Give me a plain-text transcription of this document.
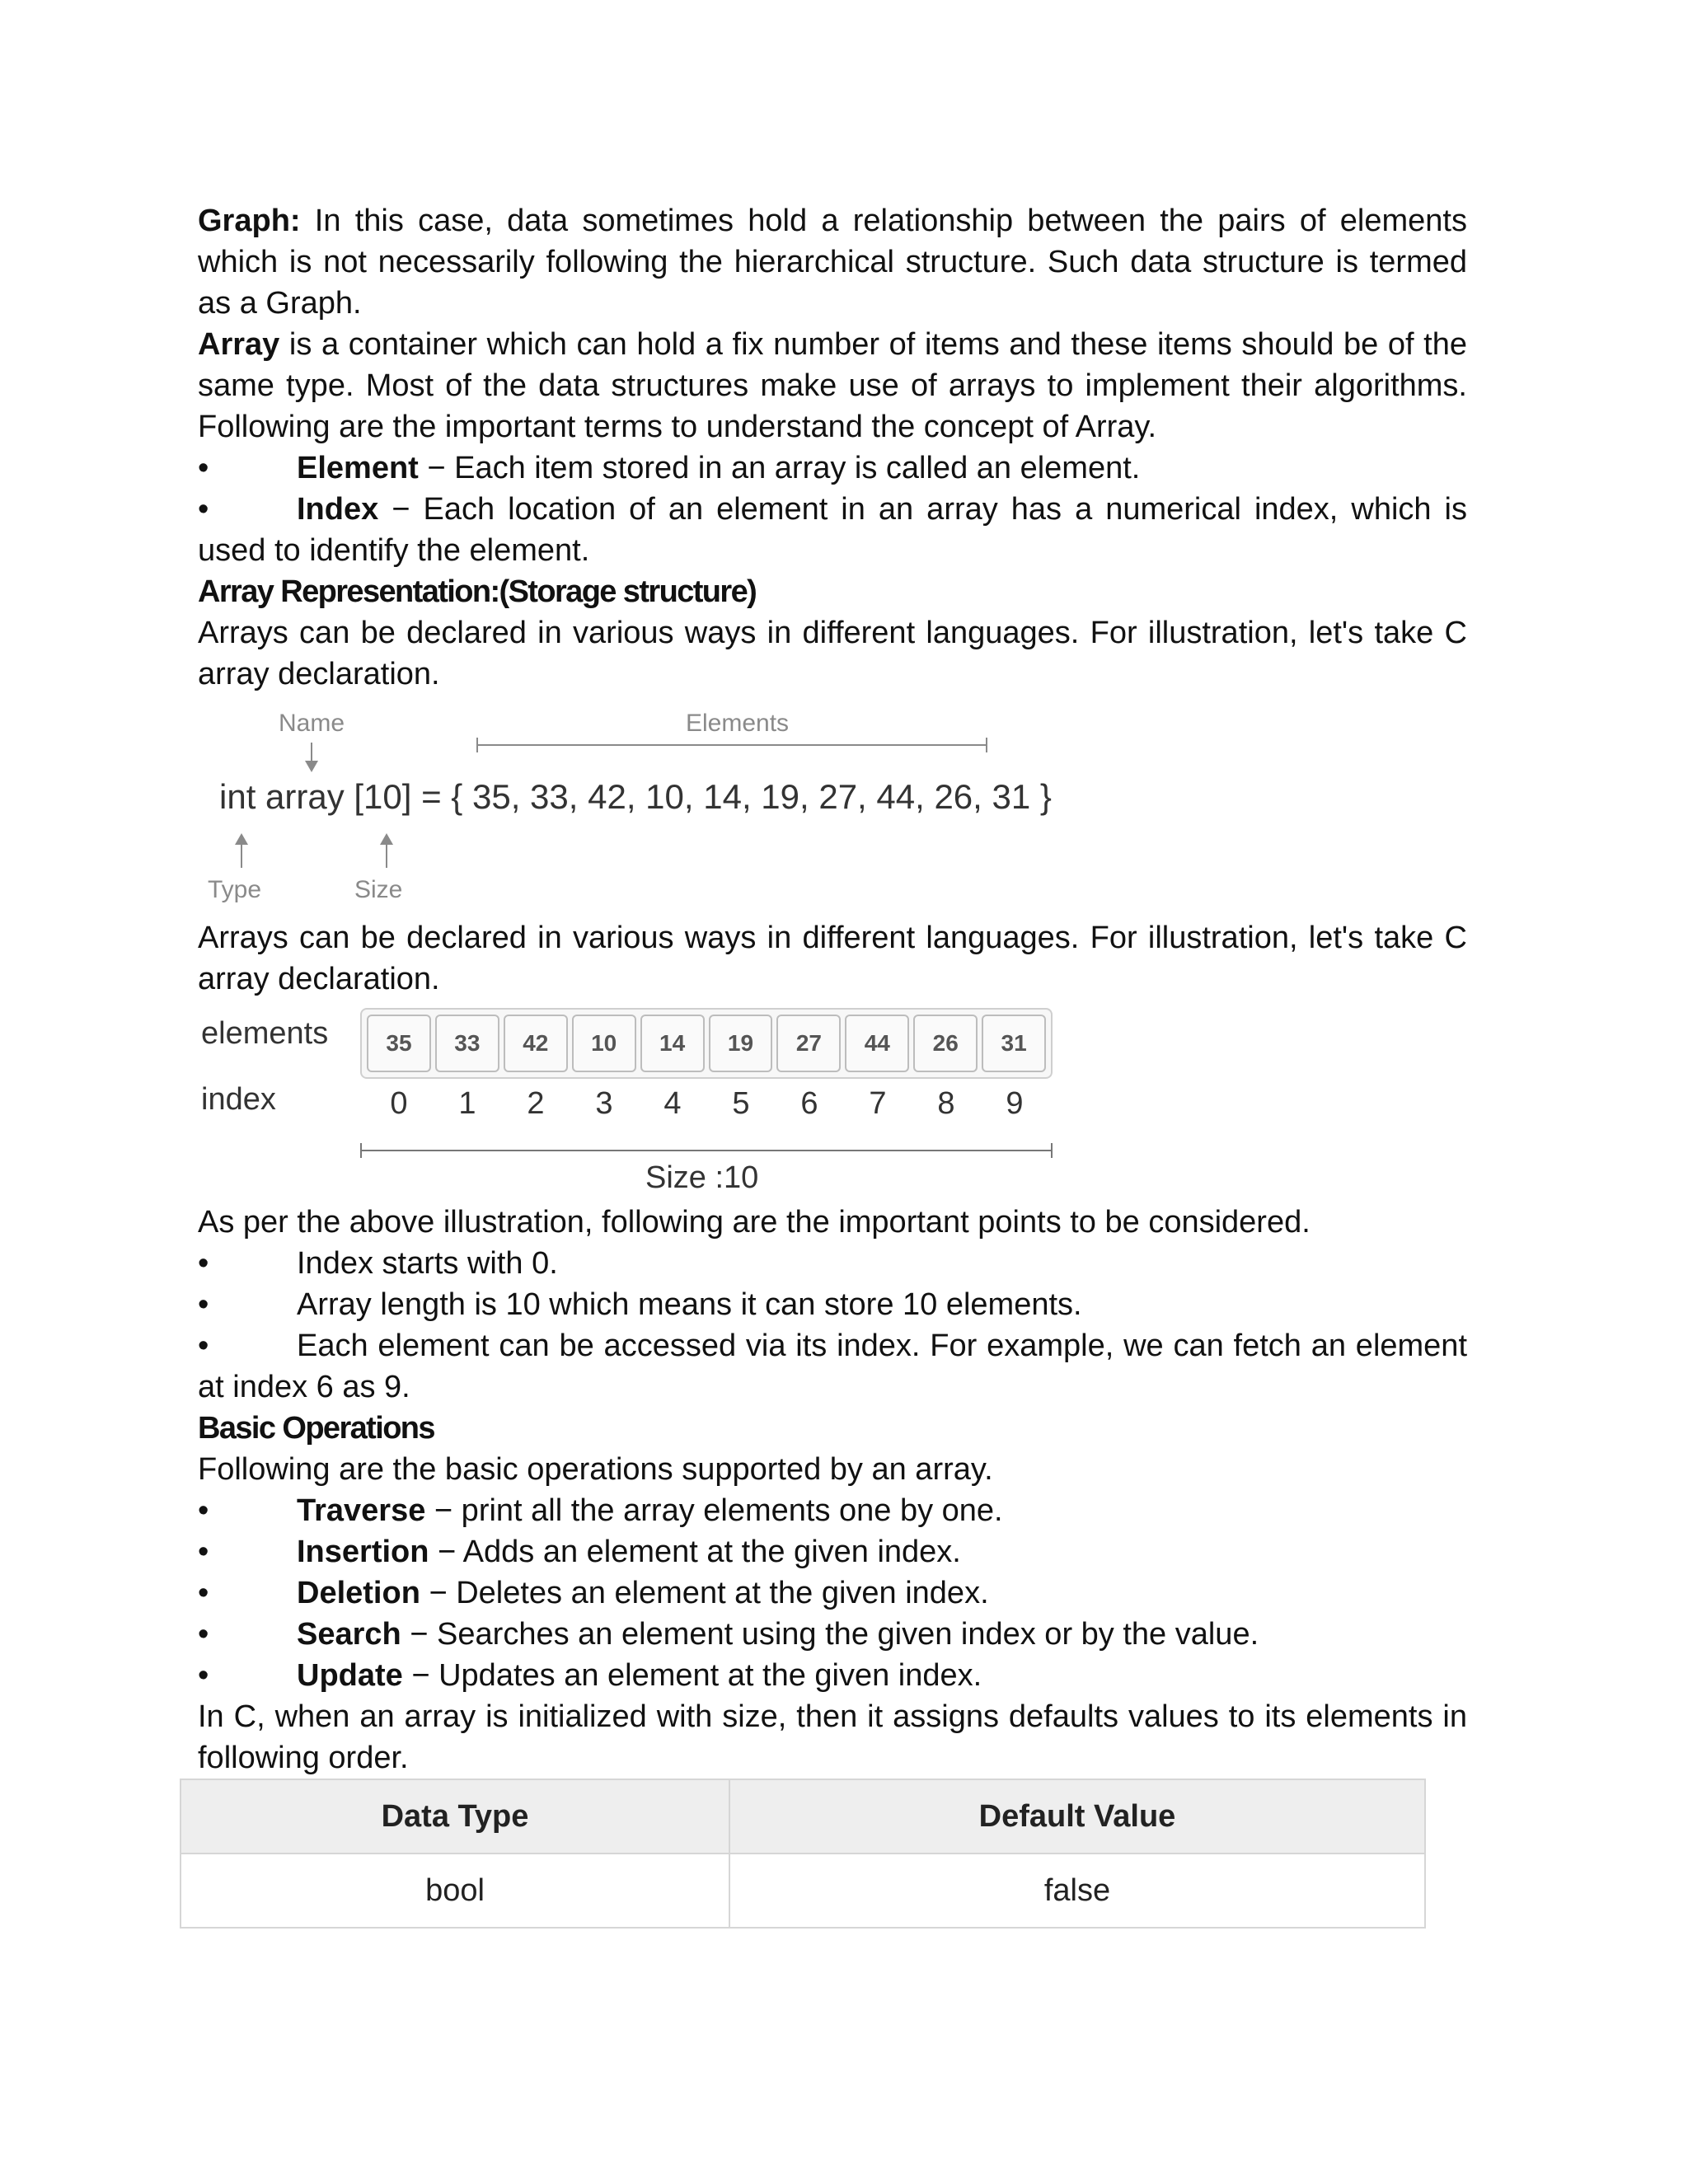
Graph: In this case, data sometimes hold a relationship between the pairs of elements which is not necessarily following the hierarchical structure. Such data structure is termed as a Graph.

Array is a container which can hold a fix number of items and these items should be of the same type. Most of the data structures make use of arrays to implement their algorithms. Following are the important terms to understand the concept of Array.

•	Element − Each item stored in an array is called an element.

•	Index − Each location of an element in an array has a numerical index, which is used to identify the element.

Array Representation:(Storage structure)

Arrays can be declared in various ways in different languages. For illustration, let's take C array declaration.

Name	Elements
int array [10] = { 35, 33, 42, 10, 14, 19, 27, 44, 26, 31 }
Type	Size

Arrays can be declared in various ways in different languages. For illustration, let's take C array declaration.

elements
index
35	33	42	10	14	19	27	44	26	31
0	1	2	3	4	5	6	7	8	9
Size :10

As per the above illustration, following are the important points to be considered.

•	Index starts with 0.

•	Array length is 10 which means it can store 10 elements.

•	Each element can be accessed via its index. For example, we can fetch an element at index 6 as 9.

Basic Operations

Following are the basic operations supported by an array.

•	Traverse − print all the array elements one by one.

•	Insertion − Adds an element at the given index.

•	Deletion − Deletes an element at the given index.

•	Search − Searches an element using the given index or by the value.

•	Update − Updates an element at the given index.

In C, when an array is initialized with size, then it assigns defaults values to its elements in following order.

Data Type	Default Value
bool	false
